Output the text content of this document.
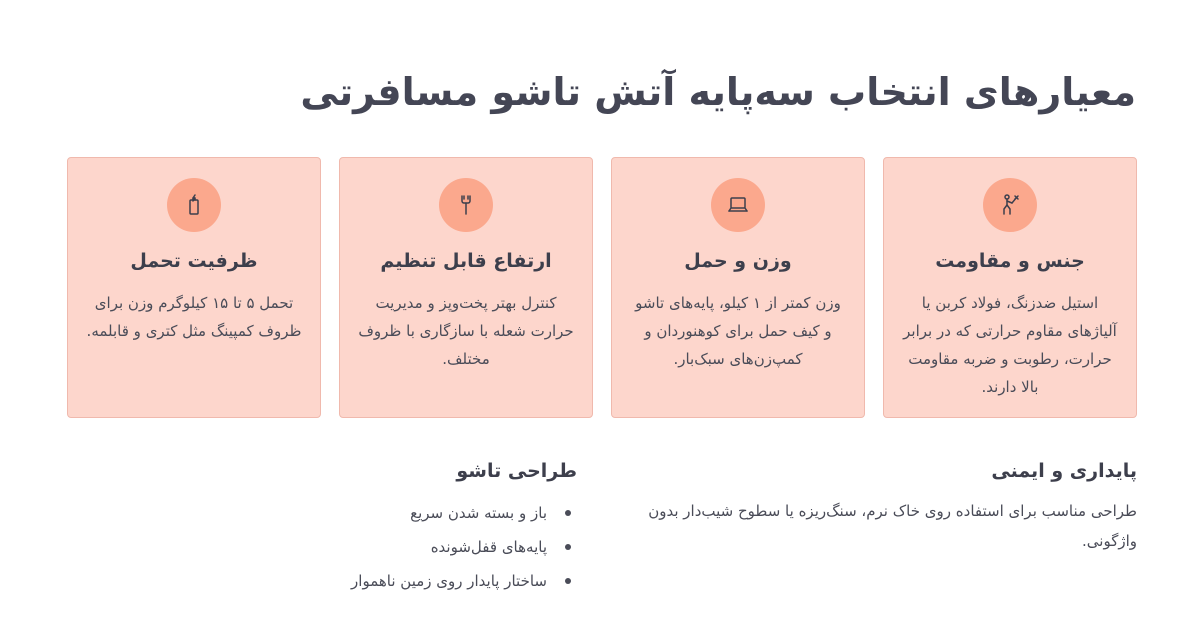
معیارهای انتخاب سه‌پایه آتش تاشو مسافرتی
جنس و مقاومت

استیل ضدزنگ، فولاد کربن یا آلیاژهای مقاوم حرارتی که در برابر حرارت، رطوبت و ضربه مقاومت بالا دارند.

وزن و حمل

وزن کمتر از ۱ کیلو، پایه‌های تاشو و کیف حمل برای کوهنوردان و کمپ‌زن‌های سبک‌بار.

ارتفاع قابل تنظیم

کنترل بهتر پخت‌وپز و مدیریت حرارت شعله با سازگاری با ظروف مختلف.

ظرفیت تحمل

تحمل ۵ تا ۱۵ کیلوگرم وزن برای ظروف کمپینگ مثل کتری و قابلمه.

پایداری و ایمنی

طراحی مناسب برای استفاده روی خاک نرم، سنگ‌ریزه یا سطوح شیب‌دار بدون واژگونی.

طراحی تاشو
باز و بسته شدن سریع
پایه‌های قفل‌شونده
ساختار پایدار روی زمین ناهموار
